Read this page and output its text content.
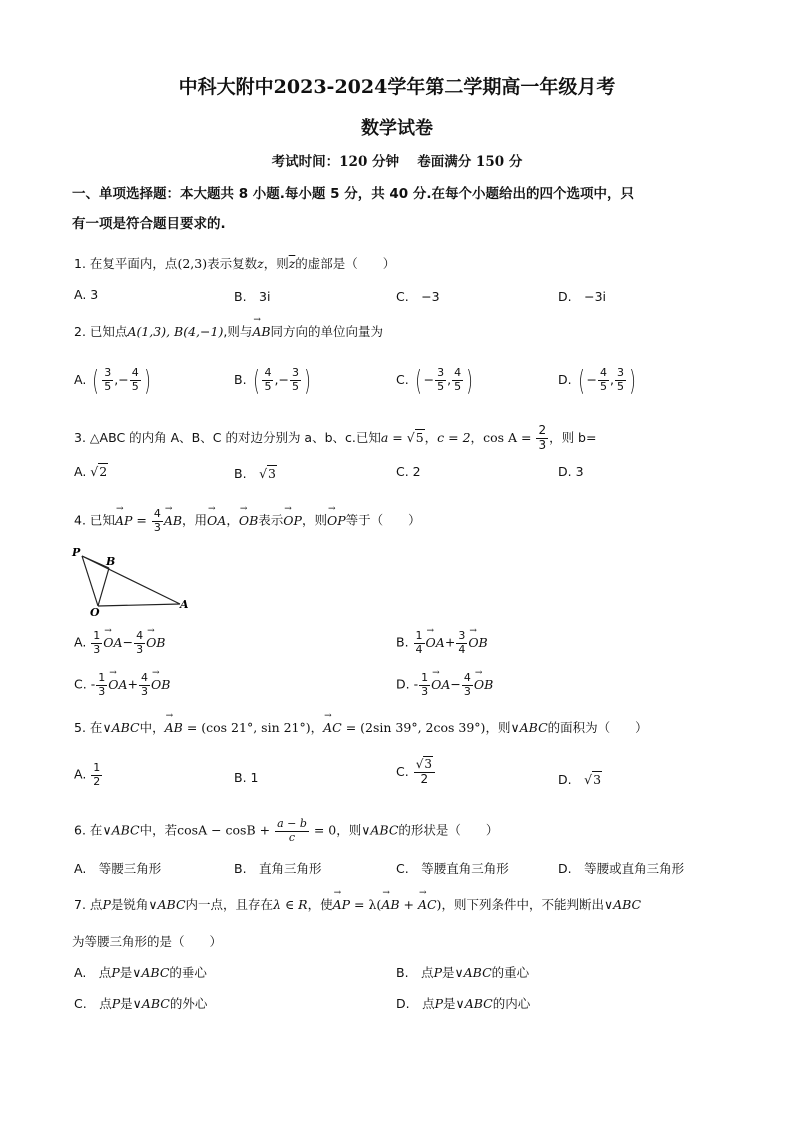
中科大附中2023-2024学年第二学期高一年级月考
数学试卷
考试时间：120 分钟　 卷面满分 150 分
一、单项选择题：本大题共 8 小题.每小题 5 分，共 40 分.在每个小题给出的四个选项中，只
有一项是符合题目要求的.
1. 在复平面内，点(2,3)表示复数z，则$\overline{z}$的虚部是（　　）
A. 3	B.　3i	C.　−3	D.　−3i
2. 已知点A(1,3), B(4,−1),则与→ AB同方向的单位向量为
A. ( $\frac{3}{5}$ ,− $\frac{4}{5}$ )	B. ( $\frac{4}{5}$ ,− $\frac{3}{5}$ )	C. ( − $\frac{3}{5}$ , $\frac{4}{5}$ )	D. ( − $\frac{4}{5}$ , $\frac{3}{5}$ )
3. △ABC 的内角 A、B、C 的对边分别为 a、b、c.已知a = √5，c = 2，$\cos A = \frac{2}{3}$ ，则 b=
A. √2	B.　 √3	C. 2	D. 3
4. 已知→ AP = $\frac{4}{3}$ → AB，用→ OA，→ OB表示→ OP，则→ OP等于（　　）
P
B
O
A
A. $\frac{1}{3} \to OA- \frac{4}{3}$ → OB	B. $\frac{1}{4} \to OA+ \frac{3}{4}$ → OB
C. - $\frac{1}{3} \to OA+ \frac{4}{3}$ → OB	D. - $\frac{1}{3} \to OA- \frac{4}{3}$ → OB
5. 在∨ABC中，→ AB = (cos 21°, sin 21°)，→ AC = (2sin 39°, 2cos 39°)，则∨ABC的面积为（　　）
A. $\frac{1}{2}$	B. 1	C. $\frac{√3}{2}$	D.　 √3
6. 在∨ABC中，若$\cos A - \cos B + \frac{a - b}{c} = 0$，则∨ABC的形状是（　　）
A.　等腰三角形	B.　直角三角形	C.　等腰直角三角形	D.　等腰或直角三角形
7. 点P是锐角∨ABC内一点，且存在λ ∈ R，使→ AP = λ(→ AB + → AC)，则下列条件中，不能判断出∨ABC
为等腰三角形的是（　　）
A.　点P是∨ABC的垂心	B.　点P是∨ABC的重心
C.　点P是∨ABC的外心	D.　点P是∨ABC的内心
